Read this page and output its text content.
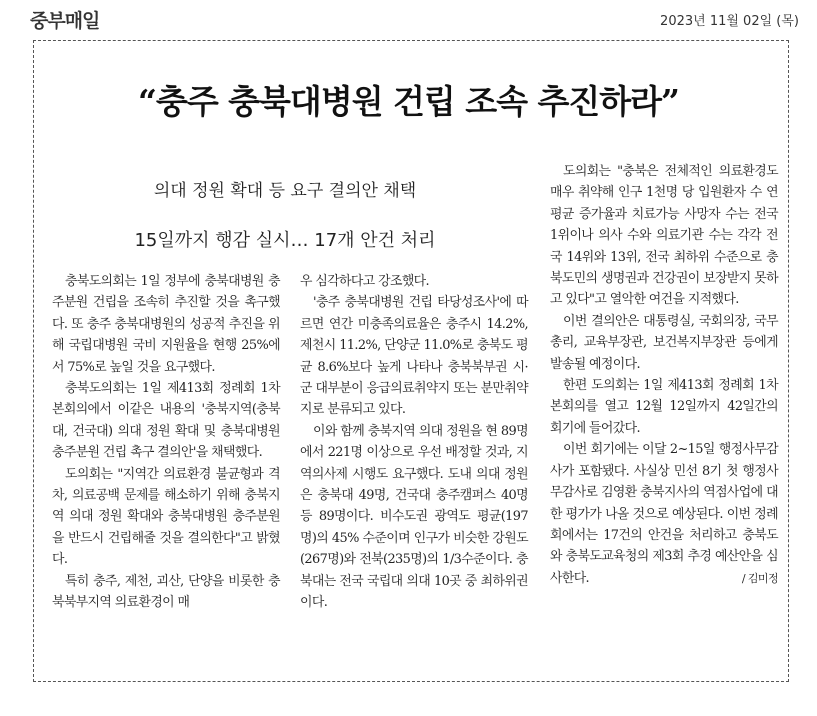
중부매일	2023년 11월 02일 (목)
“충주 충북대병원 건립 조속 추진하라”
의대 정원 확대 등 요구 결의안 채택
15일까지 행감 실시… 17개 안건 처리

충북도의회는 1일 정부에 충북대병원 충주분원 건립을 조속히 추진할 것을 촉구했다. 또 충주 충북대병원의 성공적 추진을 위해 국립대병원 국비 지원율을 현행 25%에서 75%로 높일 것을 요구했다.

충북도의회는 1일 제413회 정례회 1차 본회의에서 이같은 내용의 '충북지역(충북대, 건국대) 의대 정원 확대 및 충북대병원 충주분원 건립 촉구 결의안'을 채택했다.

도의회는 "지역간 의료환경 불균형과 격차, 의료공백 문제를 해소하기 위해 충북지역 의대 정원 확대와 충북대병원 충주분원을 반드시 건립해줄 것을 결의한다"고 밝혔다.

특히 충주, 제천, 괴산, 단양을 비롯한 충북북부지역 의료환경이 매

우 심각하다고 강조했다.

'충주 충북대병원 건립 타당성조사'에 따르면 연간 미충족의료율은 충주시 14.2%, 제천시 11.2%, 단양군 11.0%로 충북도 평균 8.6%보다 높게 나타나 충북북부권 시·군 대부분이 응급의료취약지 또는 분만취약지로 분류되고 있다.

이와 함께 충북지역 의대 정원을 현 89명에서 221명 이상으로 우선 배정할 것과, 지역의사제 시행도 요구했다. 도내 의대 정원은 충북대 49명, 건국대 충주캠퍼스 40명 등 89명이다. 비수도권 광역도 평균(197명)의 45% 수준이며 인구가 비슷한 강원도(267명)와 전북(235명)의 1/3수준이다. 충북대는 전국 국립대 의대 10곳 중 최하위권이다.

도의회는 "충북은 전체적인 의료환경도 매우 취약해 인구 1천명 당 입원환자 수 연평균 증가율과 치료가능 사망자 수는 전국 1위이나 의사 수와 의료기관 수는 각각 전국 14위와 13위, 전국 최하위 수준으로 충북도민의 생명권과 건강권이 보장받지 못하고 있다"고 열악한 여건을 지적했다.

이번 결의안은 대통령실, 국회의장, 국무총리, 교육부장관, 보건복지부장관 등에게 발송될 예정이다.

한편 도의회는 1일 제413회 정례회 1차 본회의를 열고 12월 12일까지 42일간의 회기에 들어갔다.

이번 회기에는 이달 2~15일 행정사무감사가 포함됐다. 사실상 민선 8기 첫 행정사무감사로 김영환 충북지사의 역점사업에 대한 평가가 나올 것으로 예상된다. 이번 정례회에서는 17건의 안건을 처리하고 충북도와 충북도교육청의 제3회 추경 예산안을 심사한다.	/ 김미정
